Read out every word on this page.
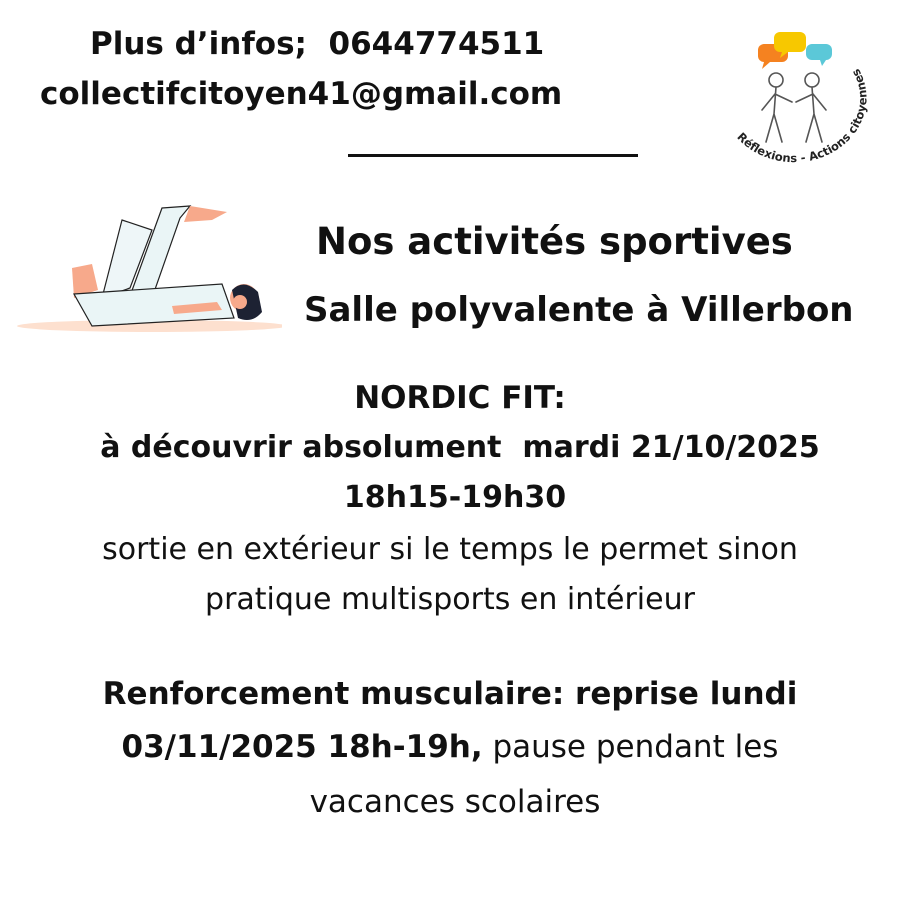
Plus d’infos;  0644774511
collectifcitoyen41@gmail.com
Réflexions - Actions citoyennes
Nos activités sportives
Salle polyvalente à Villerbon
NORDIC FIT:
à découvrir absolument  mardi 21/10/2025
18h15-19h30
sortie en extérieur si le temps le permet sinon
pratique multisports en intérieur
Renforcement musculaire: reprise lundi
03/11/2025 18h-19h, pause pendant les
vacances scolaires
